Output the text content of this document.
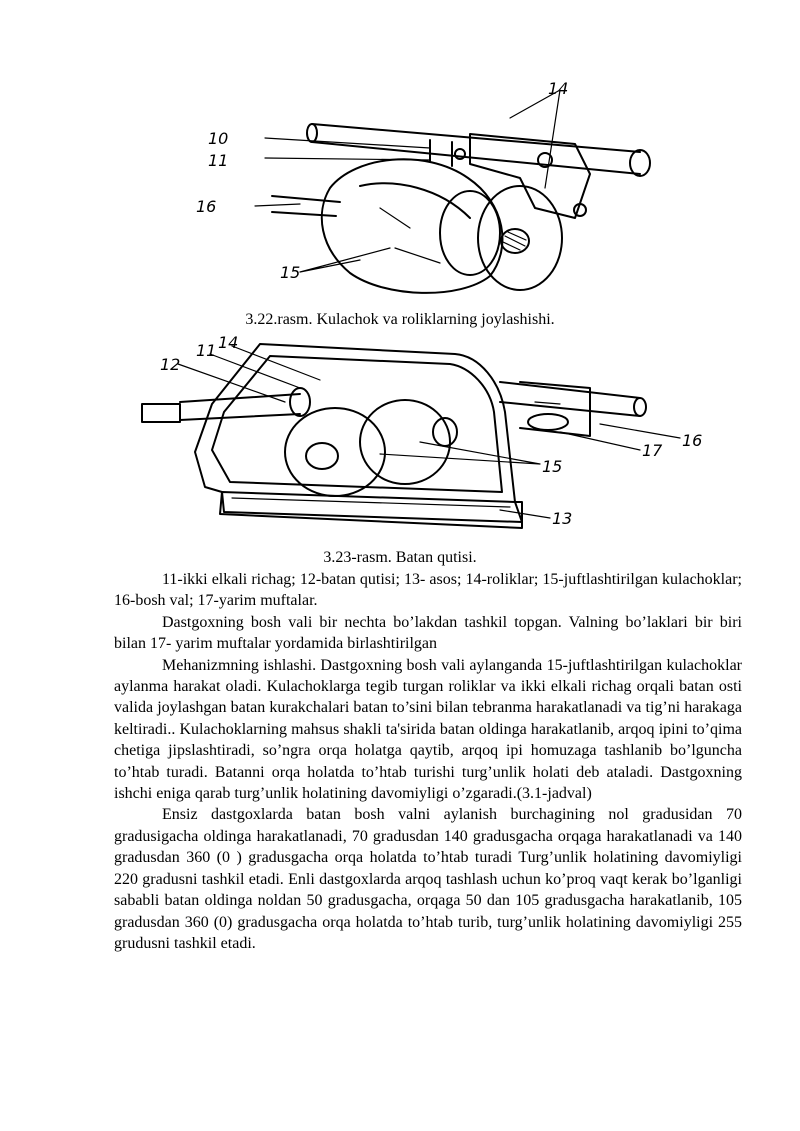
10
11
16
15
14
3.22.rasm. Kulachok va roliklarning joylashishi.
12
11 14
15
16
17
13
3.23-rasm. Batan qutisi.

11-ikki elkali richag; 12-batan qutisi; 13- asos; 14-roliklar; 15-juftlashtirilgan kulachoklar; 16-bosh val; 17-yarim muftalar.

Dastgoxning bosh vali bir nechta bo’lakdan tashkil topgan. Valning bo’laklari bir biri bilan 17- yarim muftalar yordamida birlashtirilgan

Mehanizmning ishlashi. Dastgoxning bosh vali aylanganda 15-juftlashtirilgan kulachoklar aylanma harakat oladi. Kulachoklarga tegib turgan roliklar va ikki elkali richag orqali batan osti valida joylashgan batan kurakchalari batan to’sini bilan tebranma harakatlanadi va tig’ni harakaga keltiradi.. Kulachoklarning mahsus shakli ta'sirida batan oldinga harakatlanib, arqoq ipini to’qima chetiga jipslashtiradi, so’ngra orqa holatga qaytib, arqoq ipi homuzaga tashlanib bo’lguncha to’htab turadi. Batanni orqa holatda to’htab turishi turg’unlik holati deb ataladi. Dastgoxning ishchi eniga qarab turg’unlik holatining davomiyligi o’zgaradi.(3.1-jadval)

Ensiz dastgoxlarda batan bosh valni aylanish burchagining nol gradusidan 70 gradusigacha oldinga harakatlanadi, 70 gradusdan 140 gradusgacha orqaga harakatlanadi va 140 gradusdan 360 (0 ) gradusgacha orqa holatda to’htab turadi Turg’unlik holatining davomiyligi 220 gradusni tashkil etadi. Enli dastgoxlarda arqoq tashlash uchun ko’proq vaqt kerak bo’lganligi sababli batan oldinga noldan 50 gradusgacha, orqaga 50 dan 105 gradusgacha harakatlanib, 105 gradusdan 360 (0) gradusgacha orqa holatda to’htab turib, turg’unlik holatining davomiyligi 255 grudusni tashkil etadi.
